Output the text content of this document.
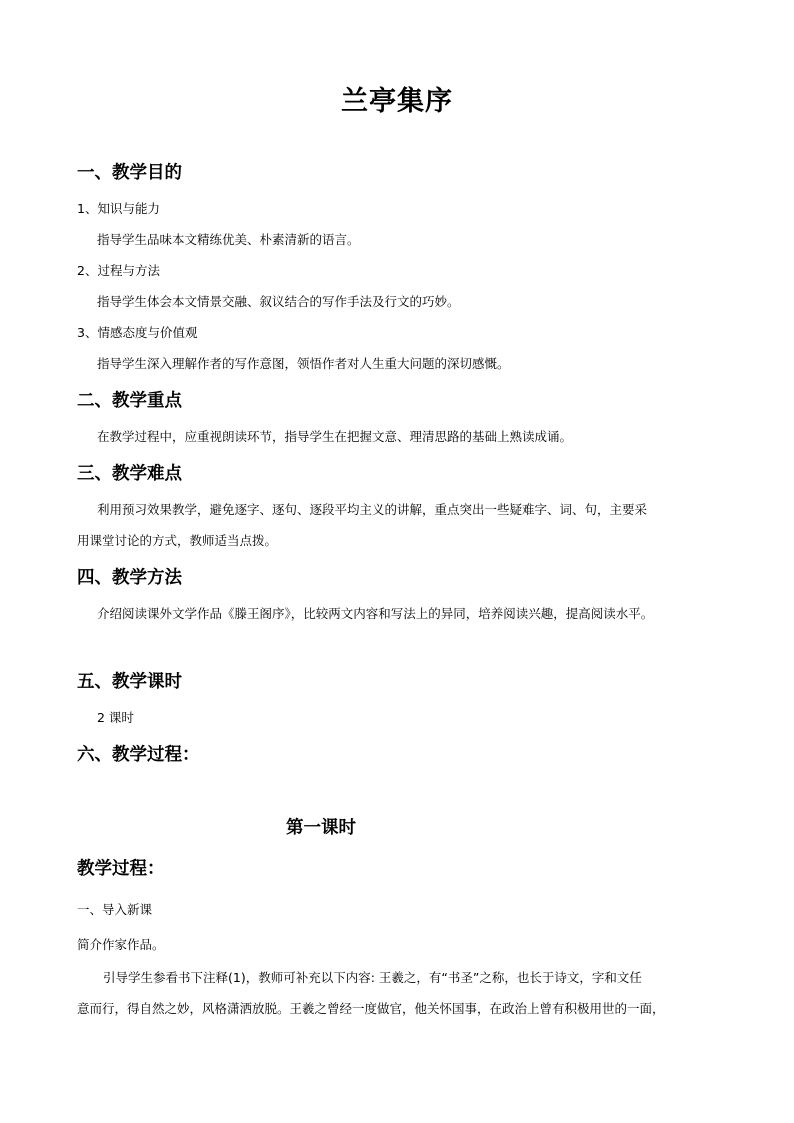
兰亭集序
一、教学目的
1、知识与能力
指导学生品味本文精练优美、朴素清新的语言。
2、过程与方法
指导学生体会本文情景交融、叙议结合的写作手法及行文的巧妙。
3、情感态度与价值观
指导学生深入理解作者的写作意图，领悟作者对人生重大问题的深切感慨。
二、教学重点
在教学过程中，应重视朗读环节，指导学生在把握文意、理清思路的基础上熟读成诵。
三、教学难点
利用预习效果教学，避免逐字、逐句、逐段平均主义的讲解，重点突出一些疑难字、词、句，主要采
用课堂讨论的方式，教师适当点拨。
四、教学方法
介绍阅读课外文学作品《滕王阁序》，比较两文内容和写法上的异同，培养阅读兴趣，提高阅读水平。
五、教学课时
2 课时
六、教学过程：
第一课时
教学过程：
一、导入新课
简介作家作品。
引导学生参看书下注释(1)，教师可补充以下内容: 王羲之，有“书圣”之称，也长于诗文，字和文任
意而行，得自然之妙，风格潇洒放脱。王羲之曾经一度做官，他关怀国事，在政治上曾有积极用世的一面，
